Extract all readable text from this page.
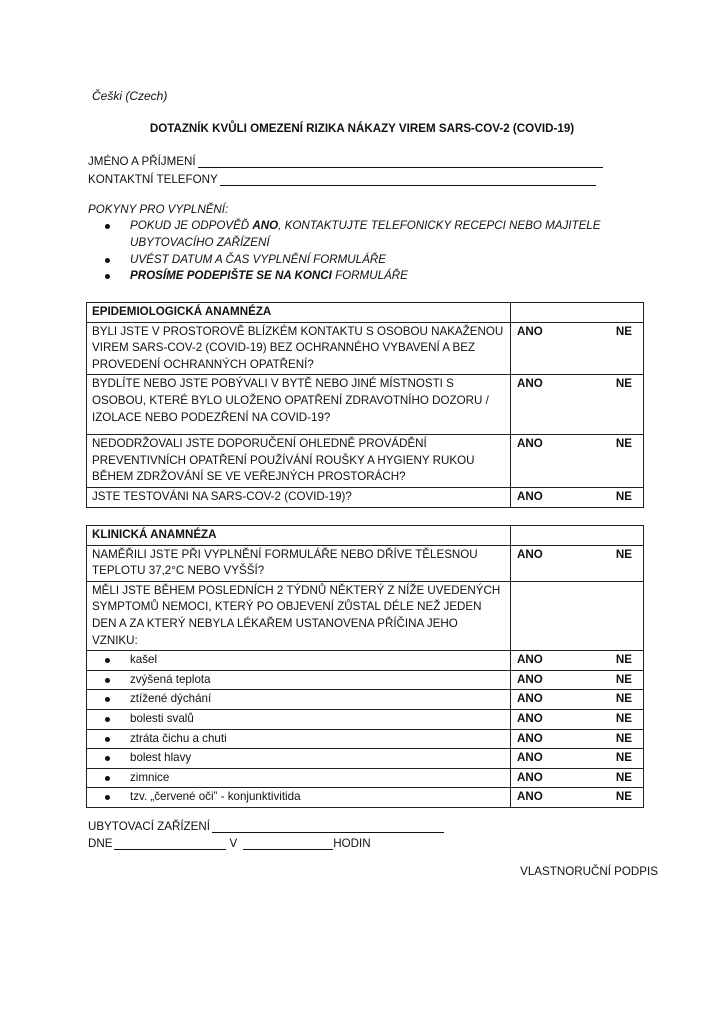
Češki (Czech)
DOTAZNÍK KVŮLI OMEZENÍ RIZIKA NÁKAZY VIREM SARS-COV-2 (COVID-19)
JMÉNO A PŘÍJMENÍ
KONTAKTNÍ TELEFONY
POKYNY PRO VYPLNĚNÍ:
POKUD JE ODPOVĚĎ ANO, KONTAKTUJTE TELEFONICKY RECEPCI NEBO MAJITELE UBYTOVACÍHO ZAŘÍZENÍ
UVÉST DATUM A ČAS VYPLNĚNÍ FORMULÁŘE
PROSÍME PODEPIŠTE SE NA KONCI FORMULÁŘE
EPIDEMIOLOGICKÁ ANAMNÉZA	
BYLI JSTE V PROSTOROVĚ BLÍZKÉM KONTAKTU S OSOBOU NAKAŽENOU VIREM SARS-COV-2 (COVID-19) BEZ OCHRANNÉHO VYBAVENÍ A BEZ PROVEDENÍ OCHRANNÝCH OPATŘENÍ?	ANO NE

BYDLÍTE NEBO JSTE POBÝVALI V BYTĚ NEBO JINÉ MÍSTNOSTI S OSOBOU, KTERÉ BYLO ULOŽENO OPATŘENÍ ZDRAVOTNÍHO DOZORU / IZOLACE NEBO PODEZŘENÍ NA COVID-19?	ANO NE

NEDODRŽOVALI JSTE DOPORUČENÍ OHLEDNĚ PROVÁDĚNÍ PREVENTIVNÍCH OPATŘENÍ POUŽÍVÁNÍ ROUŠKY A HYGIENY RUKOU BĚHEM ZDRŽOVÁNÍ SE VE VEŘEJNÝCH PROSTORÁCH?	ANO NE

JSTE TESTOVÁNI NA SARS-COV-2 (COVID-19)?	ANO NE
KLINICKÁ ANAMNÉZA	
NAMĚŘILI JSTE PŘI VYPLNĚNÍ FORMULÁŘE NEBO DŘÍVE TĚLESNOU TEPLOTU 37,2°C NEBO VYŠŠÍ?	ANO NE

MĚLI JSTE BĚHEM POSLEDNÍCH 2 TÝDNŮ NĚKTERÝ Z NÍŽE UVEDENÝCH SYMPTOMŮ NEMOCI, KTERÝ PO OBJEVENÍ ZŮSTAL DÉLE NEŽ JEDEN DEN A ZA KTERÝ NEBYLA LÉKAŘEM USTANOVENA PŘÍČINA JEHO VZNIKU:	

kašel	ANO NE

zvýšená teplota	ANO NE

ztížené dýchání	ANO NE

bolesti svalů	ANO NE

ztráta čichu a chuti	ANO NE

bolest hlavy	ANO NE

zimnice	ANO NE

tzv. „červené oči” - konjunktivitida	ANO NE
UBYTOVACÍ ZAŘÍZENÍ
DNE	V	HODIN
VLASTNORUČNÍ PODPIS
